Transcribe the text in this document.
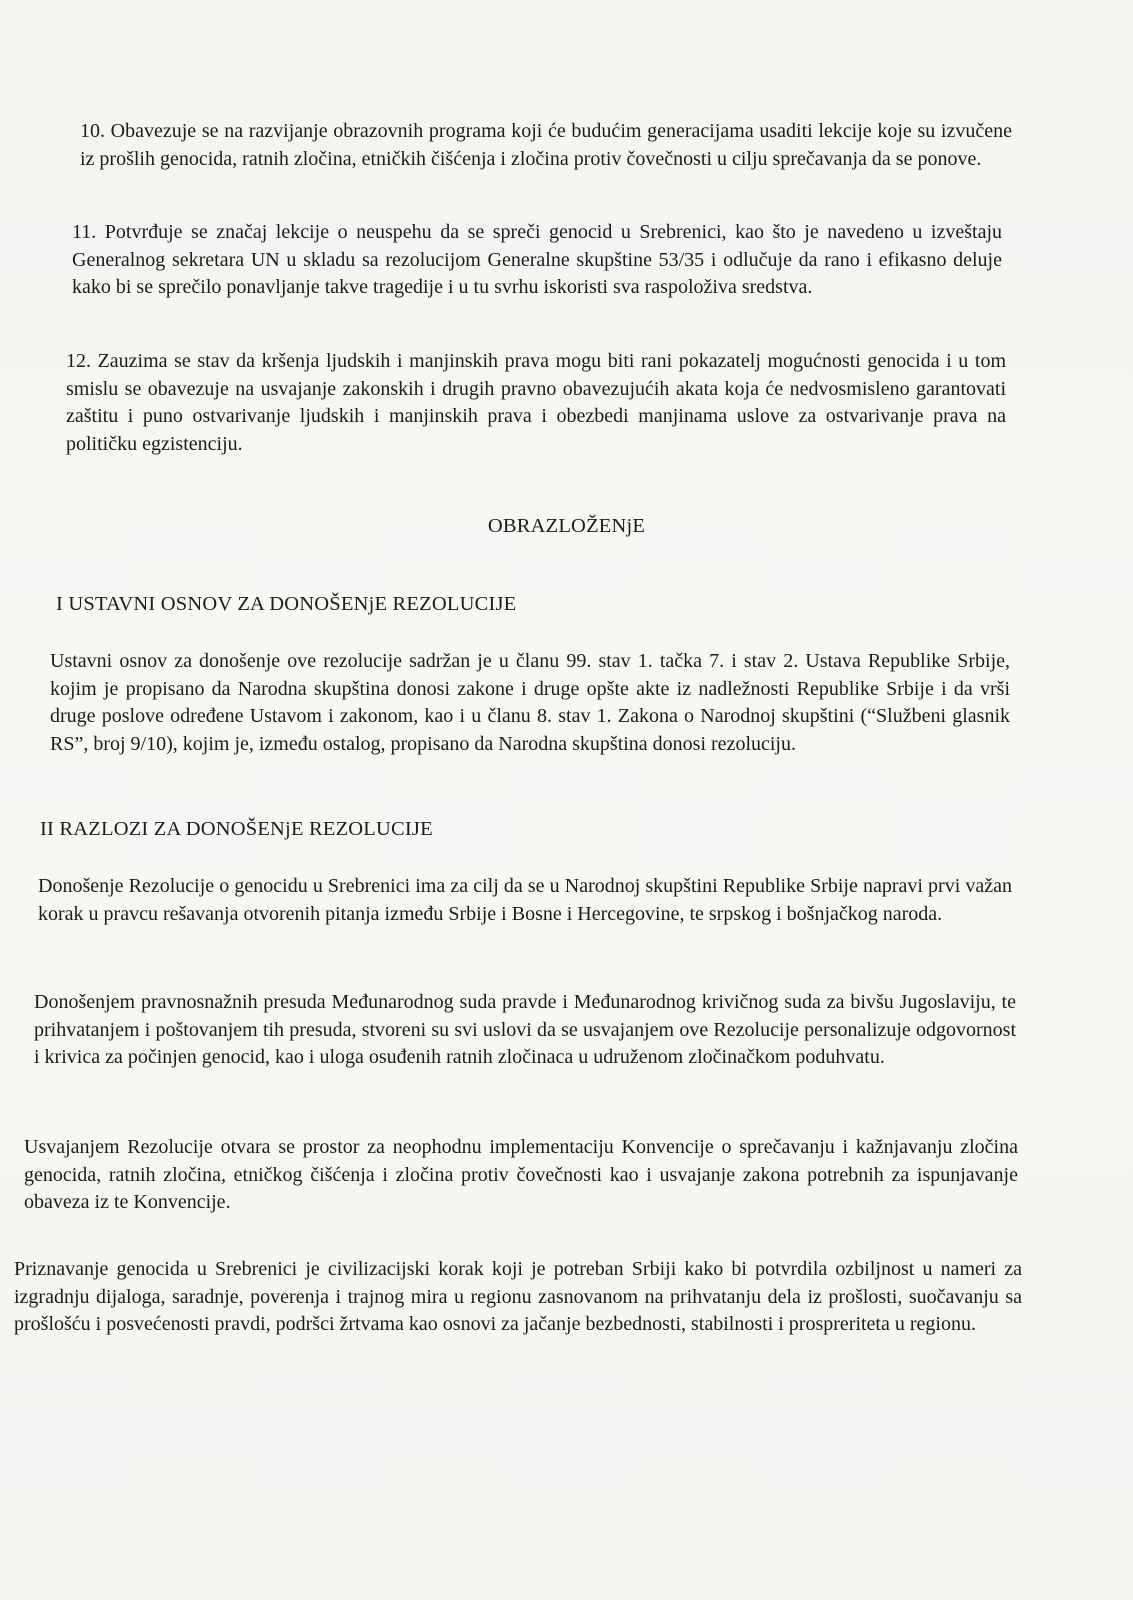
10. Obavezuje se na razvijanje obrazovnih programa koji će budućim generacijama usaditi lekcije koje su izvučene iz prošlih genocida, ratnih zločina, etničkih čišćenja i zločina protiv čovečnosti u cilju sprečavanja da se ponove.

11. Potvrđuje se značaj lekcije o neuspehu da se spreči genocid u Srebrenici, kao što je navedeno u izveštaju Generalnog sekretara UN u skladu sa rezolucijom Generalne skupštine 53/35 i odlučuje da rano i efikasno deluje kako bi se sprečilo ponavljanje takve tragedije i u tu svrhu iskoristi sva raspoloživa sredstva.

12. Zauzima se stav da kršenja ljudskih i manjinskih prava mogu biti rani pokazatelj mogućnosti genocida i u tom smislu se obavezuje na usvajanje zakonskih i drugih pravno obavezujućih akata koja će nedvosmisleno garantovati zaštitu i puno ostvarivanje ljudskih i manjinskih prava i obezbedi manjinama uslove za ostvarivanje prava na političku egzistenciju.

OBRAZLOŽENjE
I USTAVNI OSNOV ZA DONOŠENjE REZOLUCIJE

Ustavni osnov za donošenje ove rezolucije sadržan je u članu 99. stav 1. tačka 7. i stav 2. Ustava Republike Srbije, kojim je propisano da Narodna skupština donosi zakone i druge opšte akte iz nadležnosti Republike Srbije i da vrši druge poslove određene Ustavom i zakonom, kao i u članu 8. stav 1. Zakona o Narodnoj skupštini (“Službeni glasnik RS”, broj 9/10), kojim je, između ostalog, propisano da Narodna skupština donosi rezoluciju.

II RAZLOZI ZA DONOŠENjE REZOLUCIJE

Donošenje Rezolucije o genocidu u Srebrenici ima za cilj da se u Narodnoj skupštini Republike Srbije napravi prvi važan korak u pravcu rešavanja otvorenih pitanja između Srbije i Bosne i Hercegovine, te srpskog i bošnjačkog naroda.

Donošenjem pravnosnažnih presuda Međunarodnog suda pravde i Međunarodnog krivičnog suda za bivšu Jugoslaviju, te prihvatanjem i poštovanjem tih presuda, stvoreni su svi uslovi da se usvajanjem ove Rezolucije personalizuje odgovornost i krivica za počinjen genocid, kao i uloga osuđenih ratnih zločinaca u udruženom zločinačkom poduhvatu.

Usvajanjem Rezolucije otvara se prostor za neophodnu implementaciju Konvencije o sprečavanju i kažnjavanju zločina genocida, ratnih zločina, etničkog čišćenja i zločina protiv čovečnosti kao i usvajanje zakona potrebnih za ispunjavanje obaveza iz te Konvencije.

Priznavanje genocida u Srebrenici je civilizacijski korak koji je potreban Srbiji kako bi potvrdila ozbiljnost u nameri za izgradnju dijaloga, saradnje, poverenja i trajnog mira u regionu zasnovanom na prihvatanju dela iz prošlosti, suočavanju sa prošlošću i posvećenosti pravdi, podršci žrtvama kao osnovi za jačanje bezbednosti, stabilnosti i prospreriteta u regionu.
